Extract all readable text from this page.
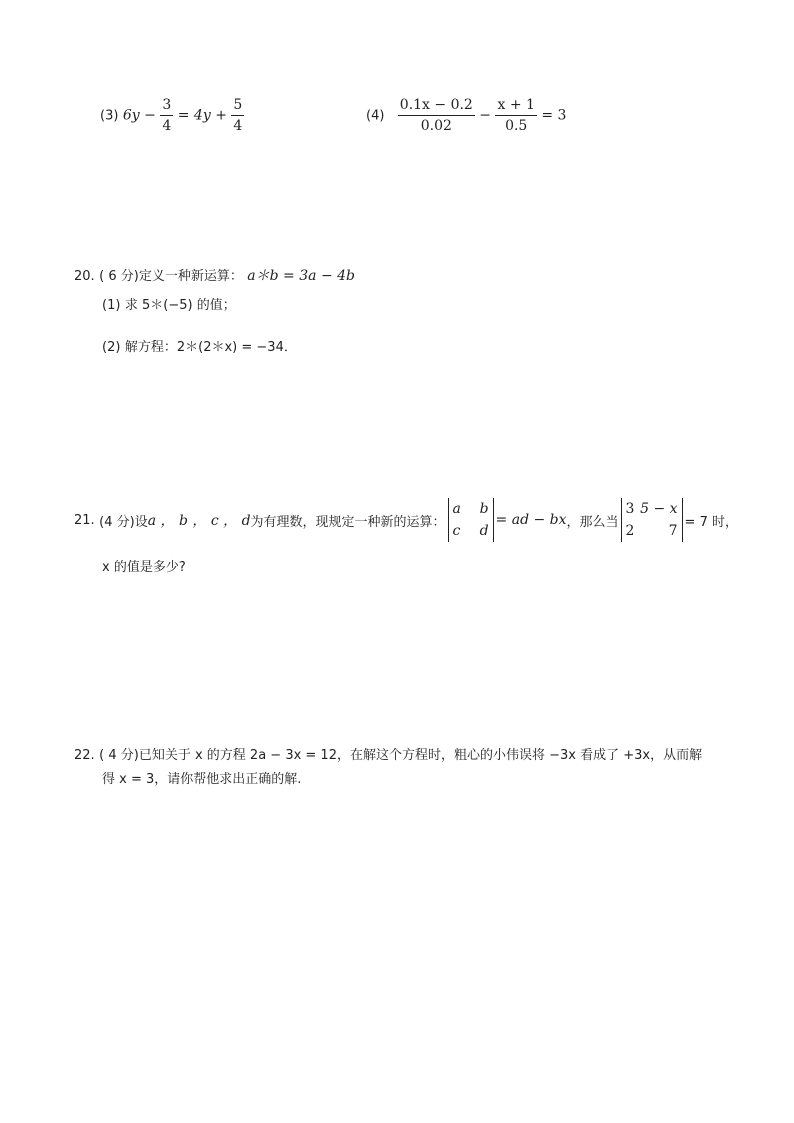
(3) $6y - \frac{3}{4} = 4y + \frac{5}{4}$	$(4) \frac{0.1x - 0.2}{0.02} - \frac{x + 1}{0.5} = 3$
20. ( 6 分)定义一种新运算： a＊b = 3a − 4b
(1) 求 5＊(−5) 的值；
(2) 解方程：2＊(2＊x) = −34．
21.
(4 分) 设 a ， b ， c ， d 为有理数，现规定一种新的运算：
a b
c d
= ad − bx ，那么当
3 5 − x
2 7
= 7 时，
x 的值是多少?
22. ( 4 分)已知关于 x 的方程 2a − 3x = 12，在解这个方程时，粗心的小伟误将 −3x 看成了 +3x，从而解
得 x = 3，请你帮他求出正确的解.
